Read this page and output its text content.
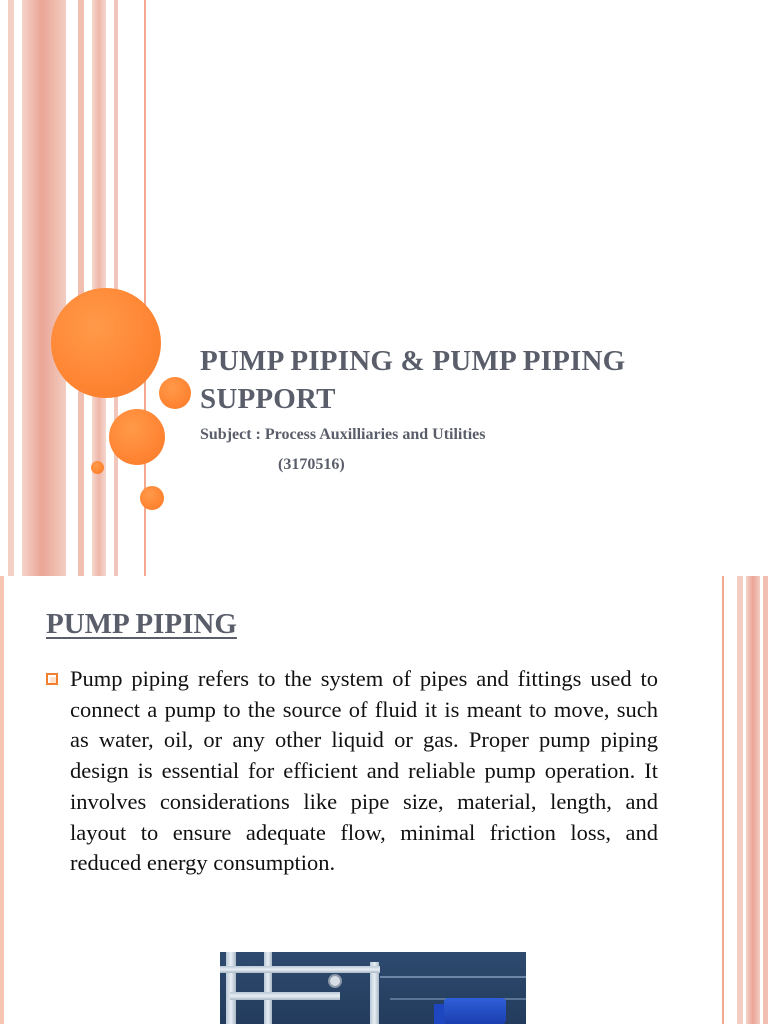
PUMP PIPING & PUMP PIPING SUPPORT
Subject : Process Auxilliaries and Utilities
(3170516)
PUMP PIPING
Pump piping refers to the system of pipes and fittings used to connect a pump to the source of fluid it is meant to move, such as water, oil, or any other liquid or gas. Proper pump piping design is essential for efficient and reliable pump operation. It involves considerations like pipe size, material, length, and layout to ensure adequate flow, minimal friction loss, and reduced energy consumption.
